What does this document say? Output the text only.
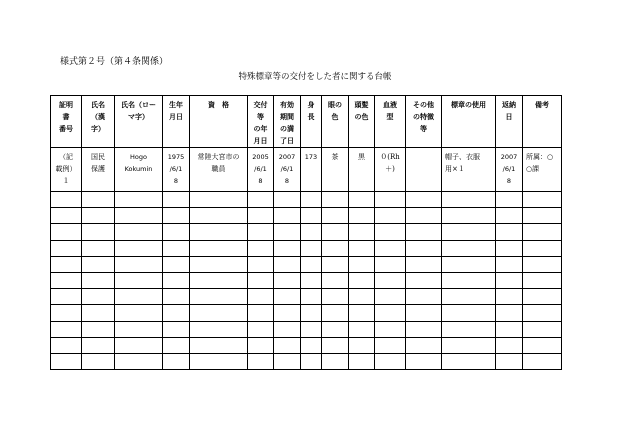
様式第２号（第４条関係）
特殊標章等の交付をした者に関する台帳
証明
書
番号	氏名
（漢
字）	氏名（ロー
マ字）	生年
月日	資　格	交付
等
の年
月日	有効
期間
の満
了日	身
長	眼の
色	頭髪
の色	血液
型	その他
の特徴
等	標章の使用	返納
日	備考

（記
載例）
１	国民
保護	Hogo
Kokumin	1975
/6/1
8	常陸大宮市の
職員	2005
/6/1
8	2007
/6/1
8	173	茶	黒	０(Rh
＋)		帽子、衣服
用×１	2007
/6/1
8	所属：○
○課
